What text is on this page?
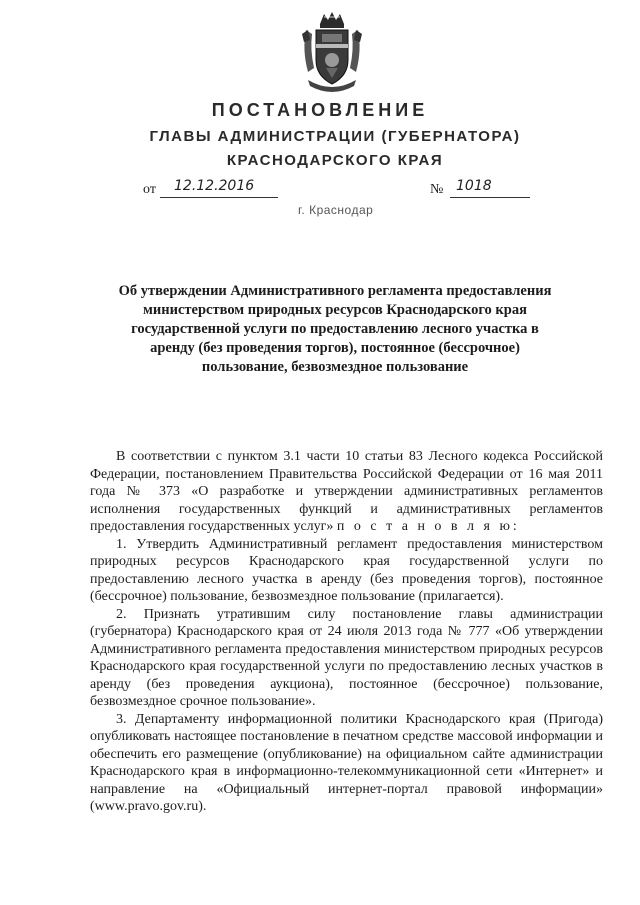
ПОСТАНОВЛЕНИЕ
ГЛАВЫ АДМИНИСТРАЦИИ (ГУБЕРНАТОРА)
КРАСНОДАРСКОГО КРАЯ
от	12.12.2016	№ 1018
г. Краснодар
Об утверждении Административного регламента предоставления министерством природных ресурсов Краснодарского края государственной услуги по предоставлению лесного участка в аренду (без проведения торгов), постоянное (бессрочное) пользование, безвозмездное пользование

В соответствии с пунктом 3.1 части 10 статьи 83 Лесного кодекса Российской Федерации, постановлением Правительства Российской Федерации от 16 мая 2011 года № 373 «О разработке и утверждении административных регламентов исполнения государственных функций и административных регламентов предоставления государственных услуг» п о с т а н о в л я ю:

1. Утвердить Административный регламент предоставления министерством природных ресурсов Краснодарского края государственной услуги по предоставлению лесного участка в аренду (без проведения торгов), постоянное (бессрочное) пользование, безвозмездное пользование (прилагается).

2. Признать утратившим силу постановление главы администрации (губернатора) Краснодарского края от 24 июля 2013 года № 777 «Об утверждении Административного регламента предоставления министерством природных ресурсов Краснодарского края государственной услуги по предоставлению лесных участков в аренду (без проведения аукциона), постоянное (бессрочное) пользование, безвозмездное срочное пользование».

3. Департаменту информационной политики Краснодарского края (Пригода) опубликовать настоящее постановление в печатном средстве массовой информации и обеспечить его размещение (опубликование) на официальном сайте администрации Краснодарского края в информационно-телекоммуникационной сети «Интернет» и направление на «Официальный интернет-портал правовой информации» (www.pravo.gov.ru).
